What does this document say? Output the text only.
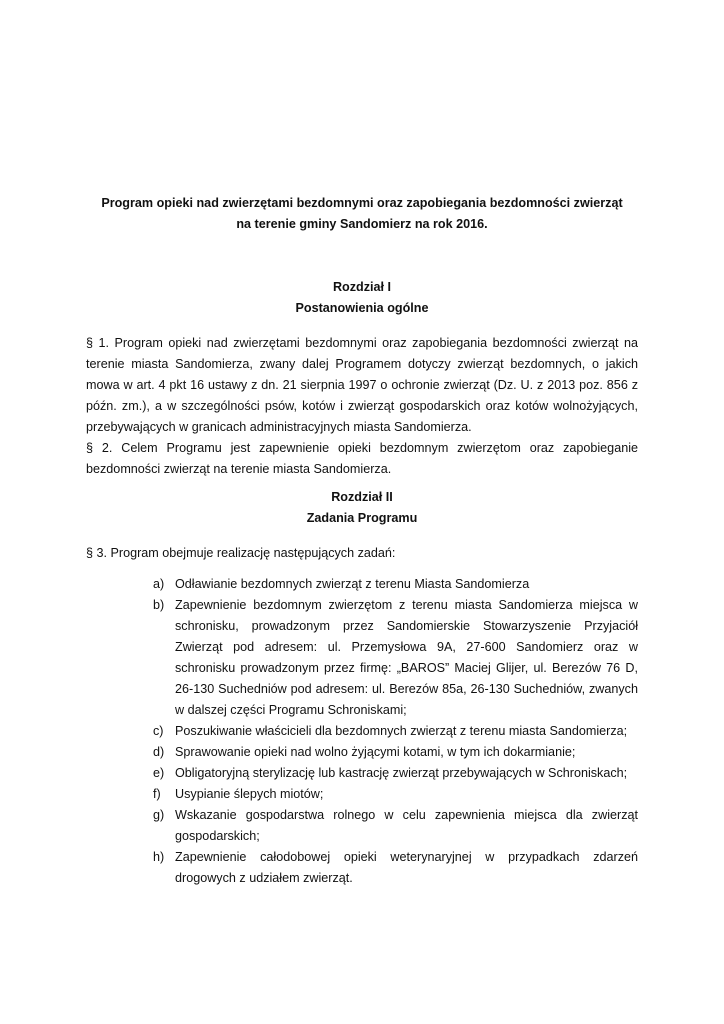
Program opieki nad zwierzętami bezdomnymi oraz zapobiegania bezdomności zwierząt
na terenie gminy Sandomierz na rok 2016.
Rozdział I
Postanowienia ogólne

§ 1. Program opieki nad zwierzętami bezdomnymi oraz zapobiegania bezdomności zwierząt na terenie miasta Sandomierza, zwany dalej Programem dotyczy zwierząt bezdomnych, o jakich mowa w art. 4 pkt 16 ustawy z dn. 21 sierpnia 1997 o ochronie zwierząt (Dz. U. z 2013 poz. 856 z późn. zm.), a w szczególności psów, kotów i zwierząt gospodarskich oraz kotów wolnożyjących, przebywających w granicach administracyjnych miasta Sandomierza.

§ 2. Celem Programu jest zapewnienie opieki bezdomnym zwierzętom oraz zapobieganie bezdomności zwierząt na terenie miasta Sandomierza.

Rozdział II
Zadania Programu

§ 3. Program obejmuje realizację następujących zadań:

a) Odławianie bezdomnych zwierząt z terenu Miasta Sandomierza
b) Zapewnienie bezdomnym zwierzętom z terenu miasta Sandomierza miejsca w schronisku, prowadzonym przez Sandomierskie Stowarzyszenie Przyjaciół Zwierząt pod adresem: ul. Przemysłowa 9A, 27-600 Sandomierz oraz w schronisku prowadzonym przez firmę: „BAROS” Maciej Glijer, ul. Berezów 76 D, 26-130 Suchedniów pod adresem: ul. Berezów 85a, 26-130 Suchedniów, zwanych w dalszej części Programu Schroniskami;
c) Poszukiwanie właścicieli dla bezdomnych zwierząt z terenu miasta Sandomierza;
d) Sprawowanie opieki nad wolno żyjącymi kotami, w tym ich dokarmianie;
e) Obligatoryjną sterylizację lub kastrację zwierząt przebywających w Schroniskach;
f) Usypianie ślepych miotów;
g) Wskazanie gospodarstwa rolnego w celu zapewnienia miejsca dla zwierząt gospodarskich;
h) Zapewnienie całodobowej opieki weterynaryjnej w przypadkach zdarzeń drogowych z udziałem zwierząt.
